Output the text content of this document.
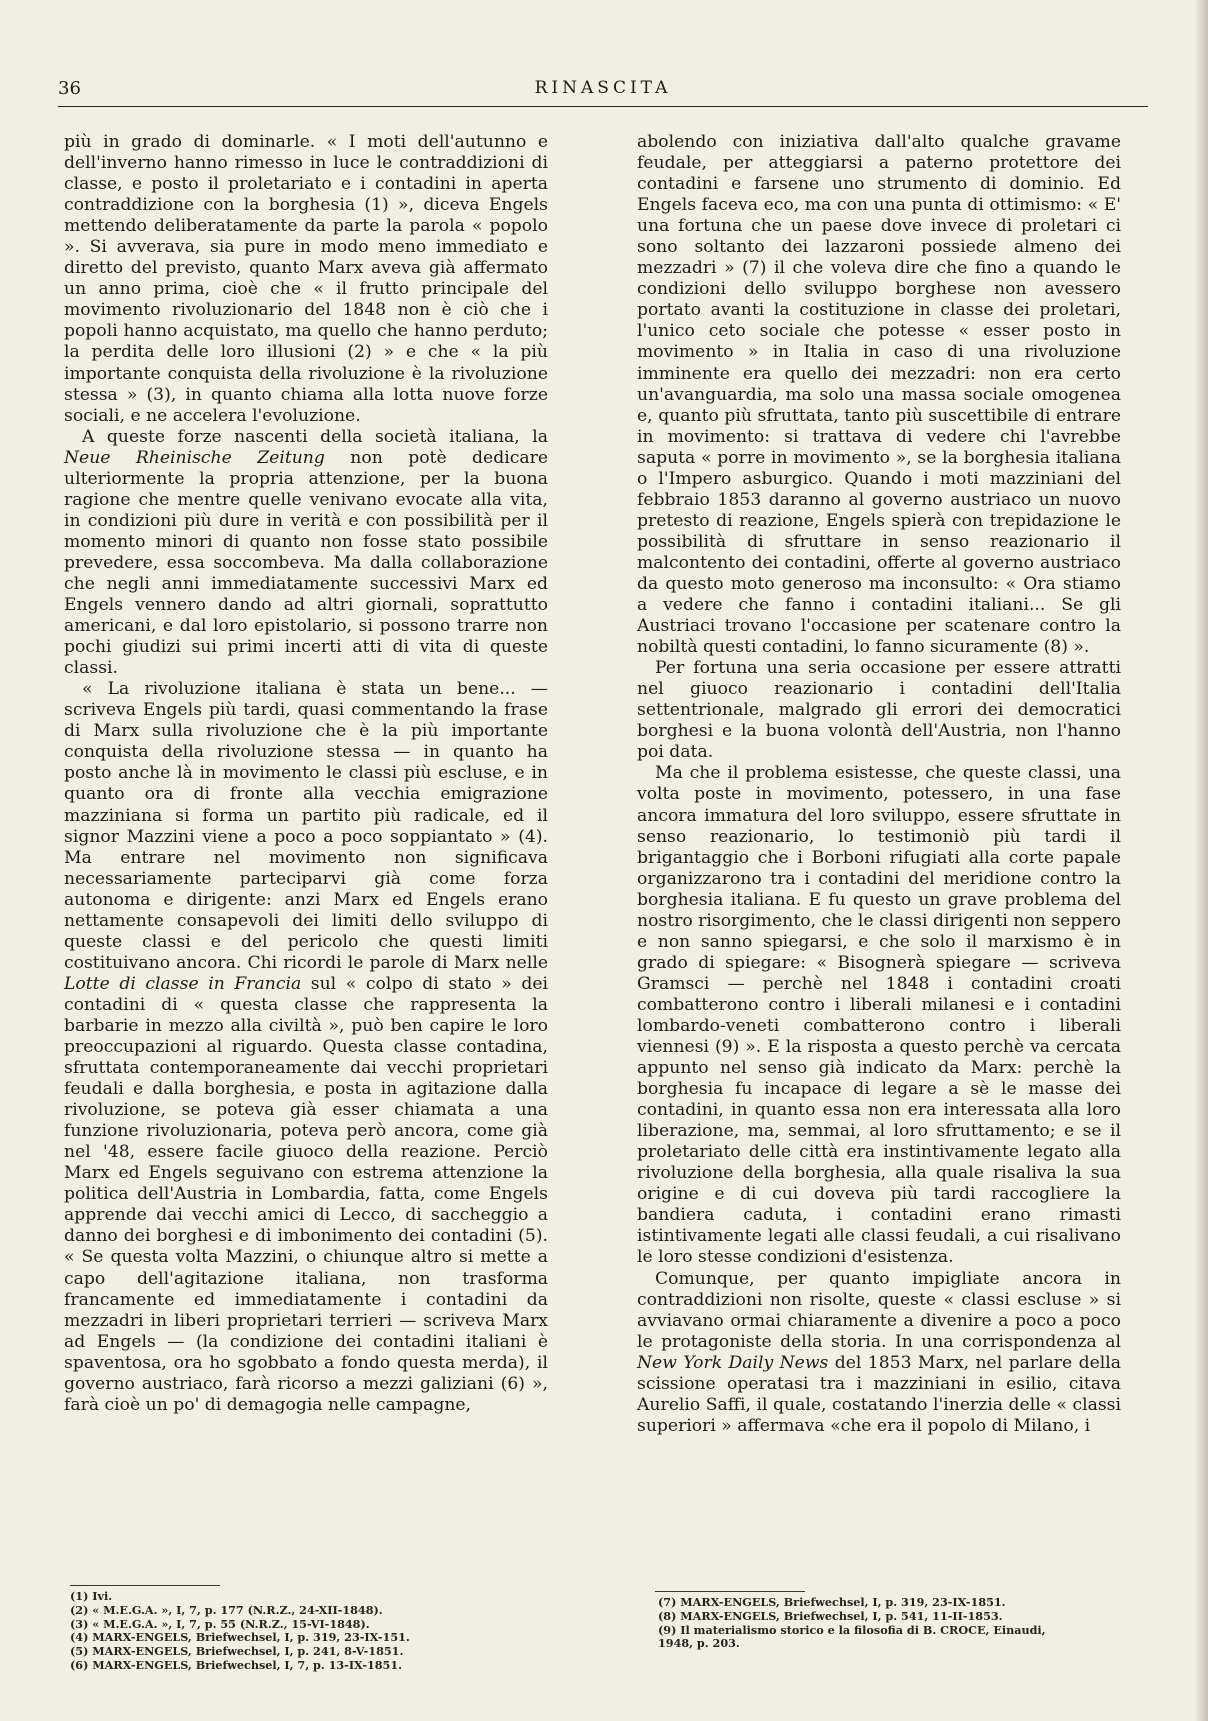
36	RINASCITA

più in grado di dominarle. « I moti dell'autunno e dell'inverno hanno rimesso in luce le contraddizioni di classe, e posto il proletariato e i contadini in aperta contraddizione con la borghesia (1) », diceva Engels mettendo deliberatamente da parte la parola « popolo ». Si avverava, sia pure in modo meno immediato e diretto del previsto, quanto Marx aveva già affermato un anno prima, cioè che « il frutto principale del movimento rivoluzionario del 1848 non è ciò che i popoli hanno acquistato, ma quello che hanno perduto; la perdita delle loro illusioni (2) » e che « la più importante conquista della rivoluzione è la rivoluzione stessa » (3), in quanto chiama alla lotta nuove forze sociali, e ne accelera l'evoluzione.

A queste forze nascenti della società italiana, la Neue Rheinische Zeitung non potè dedicare ulteriormente la propria attenzione, per la buona ragione che mentre quelle venivano evocate alla vita, in condizioni più dure in verità e con possibilità per il momento minori di quanto non fosse stato possibile prevedere, essa soccombeva. Ma dalla collaborazione che negli anni immediatamente successivi Marx ed Engels vennero dando ad altri giornali, soprattutto americani, e dal loro epistolario, si possono trarre non pochi giudizi sui primi incerti atti di vita di queste classi.

« La rivoluzione italiana è stata un bene... — scriveva Engels più tardi, quasi commentando la frase di Marx sulla rivoluzione che è la più importante conquista della rivoluzione stessa — in quanto ha posto anche là in movimento le classi più escluse, e in quanto ora di fronte alla vecchia emigrazione mazziniana si forma un partito più radicale, ed il signor Mazzini viene a poco a poco soppiantato » (4). Ma entrare nel movimento non significava necessariamente parteciparvi già come forza autonoma e dirigente: anzi Marx ed Engels erano nettamente consapevoli dei limiti dello sviluppo di queste classi e del pericolo che questi limiti costituivano ancora. Chi ricordi le parole di Marx nelle Lotte di classe in Francia sul « colpo di stato » dei contadini di « questa classe che rappresenta la barbarie in mezzo alla civiltà », può ben capire le loro preoccupazioni al riguardo. Questa classe contadina, sfruttata contemporaneamente dai vecchi proprietari feudali e dalla borghesia, e posta in agitazione dalla rivoluzione, se poteva già esser chiamata a una funzione rivoluzionaria, poteva però ancora, come già nel '48, essere facile giuoco della reazione. Perciò Marx ed Engels seguivano con estrema attenzione la politica dell'Austria in Lombardia, fatta, come Engels apprende dai vecchi amici di Lecco, di saccheggio a danno dei borghesi e di imbonimento dei contadini (5). « Se questa volta Mazzini, o chiunque altro si mette a capo dell'agitazione italiana, non trasforma francamente ed immediatamente i contadini da mezzadri in liberi proprietari terrieri — scriveva Marx ad Engels — (la condizione dei contadini italiani è spaventosa, ora ho sgobbato a fondo questa merda), il governo austriaco, farà ricorso a mezzi galiziani (6) », farà cioè un po' di demagogia nelle campagne,

abolendo con iniziativa dall'alto qualche gravame feudale, per atteggiarsi a paterno protettore dei contadini e farsene uno strumento di dominio. Ed Engels faceva eco, ma con una punta di ottimismo: « E' una fortuna che un paese dove invece di proletari ci sono soltanto dei lazzaroni possiede almeno dei mezzadri » (7) il che voleva dire che fino a quando le condizioni dello sviluppo borghese non avessero portato avanti la costituzione in classe dei proletari, l'unico ceto sociale che potesse « esser posto in movimento » in Italia in caso di una rivoluzione imminente era quello dei mezzadri: non era certo un'avanguardia, ma solo una massa sociale omogenea e, quanto più sfruttata, tanto più suscettibile di entrare in movimento: si trattava di vedere chi l'avrebbe saputa « porre in movimento », se la borghesia italiana o l'Impero asburgico. Quando i moti mazziniani del febbraio 1853 daranno al governo austriaco un nuovo pretesto di reazione, Engels spierà con trepidazione le possibilità di sfruttare in senso reazionario il malcontento dei contadini, offerte al governo austriaco da questo moto generoso ma inconsulto: « Ora stiamo a vedere che fanno i contadini italiani... Se gli Austriaci trovano l'occasione per scatenare contro la nobiltà questi contadini, lo fanno sicuramente (8) ».

Per fortuna una seria occasione per essere attratti nel giuoco reazionario i contadini dell'Italia settentrionale, malgrado gli errori dei democratici borghesi e la buona volontà dell'Austria, non l'hanno poi data.

Ma che il problema esistesse, che queste classi, una volta poste in movimento, potessero, in una fase ancora immatura del loro sviluppo, essere sfruttate in senso reazionario, lo testimoniò più tardi il brigantaggio che i Borboni rifugiati alla corte papale organizzarono tra i contadini del meridione contro la borghesia italiana. E fu questo un grave problema del nostro risorgimento, che le classi dirigenti non seppero e non sanno spiegarsi, e che solo il marxismo è in grado di spiegare: « Bisognerà spiegare — scriveva Gramsci — perchè nel 1848 i contadini croati combatterono contro i liberali milanesi e i contadini lombardo-veneti combatterono contro i liberali viennesi (9) ». E la risposta a questo perchè va cercata appunto nel senso già indicato da Marx: perchè la borghesia fu incapace di legare a sè le masse dei contadini, in quanto essa non era interessata alla loro liberazione, ma, semmai, al loro sfruttamento; e se il proletariato delle città era instintivamente legato alla rivoluzione della borghesia, alla quale risaliva la sua origine e di cui doveva più tardi raccogliere la bandiera caduta, i contadini erano rimasti istintivamente legati alle classi feudali, a cui risalivano le loro stesse condizioni d'esistenza.

Comunque, per quanto impigliate ancora in contraddizioni non risolte, queste « classi escluse » si avviavano ormai chiaramente a divenire a poco a poco le protagoniste della storia. In una corrispondenza al New York Daily News del 1853 Marx, nel parlare della scissione operatasi tra i mazziniani in esilio, citava Aurelio Saffi, il quale, costatando l'inerzia delle « classi superiori » affermava «che era il popolo di Milano, i

(1) Ivi.
(2) « M.E.G.A. », I, 7, p. 177 (N.R.Z., 24-XII-1848).
(3) « M.E.G.A. », I, 7, p. 55 (N.R.Z., 15-VI-1848).
(4) MARX-ENGELS, Briefwechsel, I, p. 319, 23-IX-151.
(5) MARX-ENGELS, Briefwechsel, I, p. 241, 8-V-1851.
(6) MARX-ENGELS, Briefwechsel, I, 7, p. 13-IX-1851.
(7) MARX-ENGELS, Briefwechsel, I, p. 319, 23-IX-1851.
(8) MARX-ENGELS, Briefwechsel, I, p. 541, 11-II-1853.
(9) Il materialismo storico e la filosofia di B. CROCE, Einaudi,
1948, p. 203.
